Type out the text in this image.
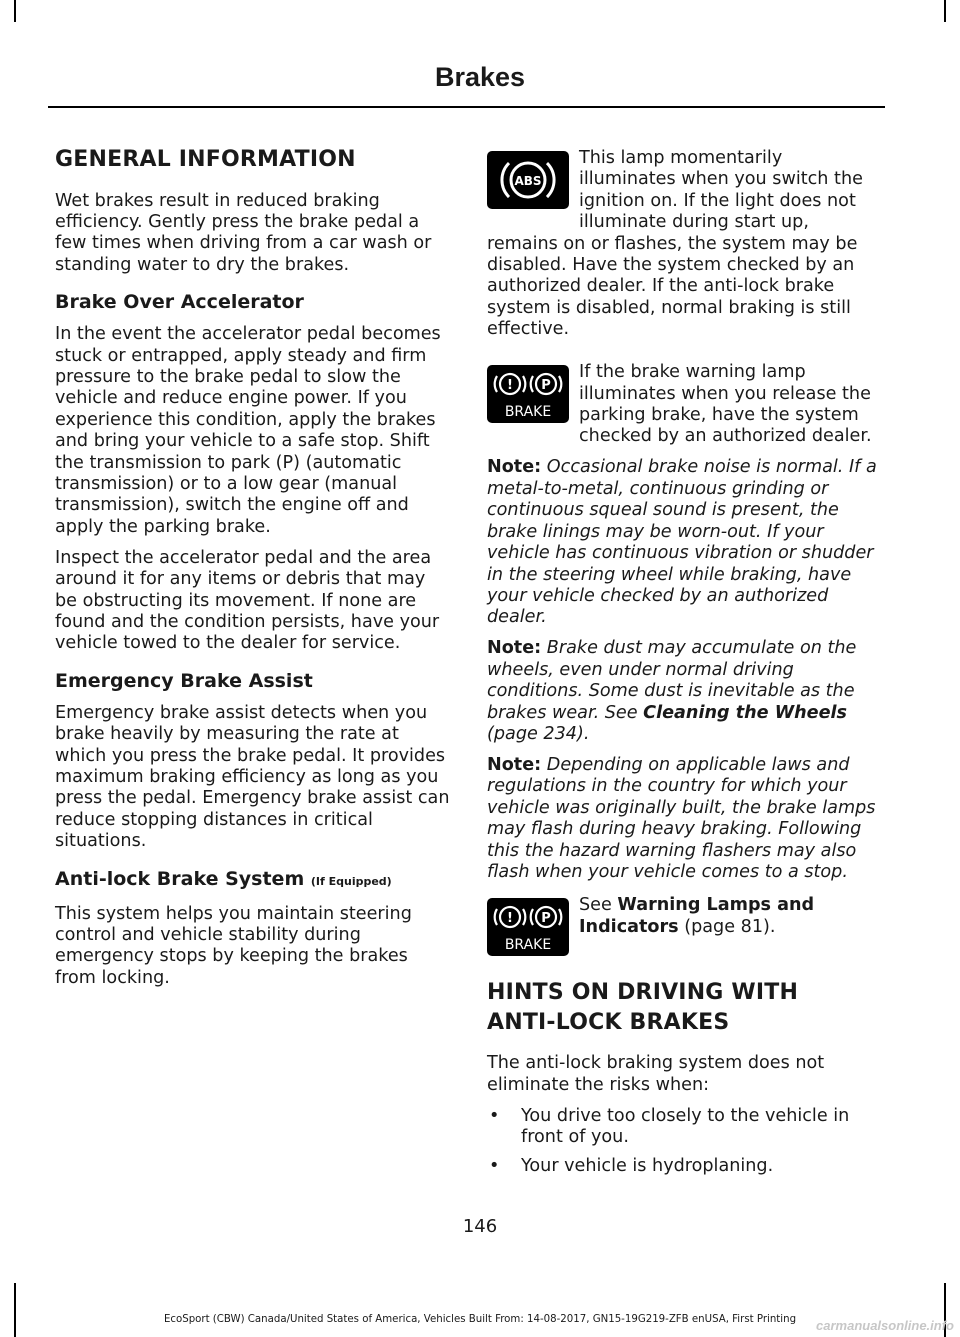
Brakes
GENERAL INFORMATION

Wet brakes result in reduced braking efficiency. Gently press the brake pedal a few times when driving from a car wash or standing water to dry the brakes.

Brake Over Accelerator

In the event the accelerator pedal becomes stuck or entrapped, apply steady and firm pressure to the brake pedal to slow the vehicle and reduce engine power. If you experience this condition, apply the brakes and bring your vehicle to a safe stop. Shift the transmission to park (P) (automatic transmission) or to a low gear (manual transmission), switch the engine off and apply the parking brake.

Inspect the accelerator pedal and the area around it for any items or debris that may be obstructing its movement. If none are found and the condition persists, have your vehicle towed to the dealer for service.

Emergency Brake Assist

Emergency brake assist detects when you brake heavily by measuring the rate at which you press the brake pedal. It provides maximum braking efficiency as long as you press the pedal. Emergency brake assist can reduce stopping distances in critical situations.

Anti-lock Brake System (If Equipped)

This system helps you maintain steering control and vehicle stability during emergency stops by keeping the brakes from locking.

ABS

This lamp momentarily illuminates when you switch the ignition on. If the light does not illuminate during start up, remains on or flashes, the system may be disabled. Have the system checked by an authorized dealer. If the anti-lock brake system is disabled, normal braking is still effective.

! P
BRAKE

If the brake warning lamp illuminates when you release the parking brake, have the system checked by an authorized dealer.

Note: Occasional brake noise is normal. If a metal-to-metal, continuous grinding or continuous squeal sound is present, the brake linings may be worn-out. If your vehicle has continuous vibration or shudder in the steering wheel while braking, have your vehicle checked by an authorized dealer.

Note: Brake dust may accumulate on the wheels, even under normal driving conditions. Some dust is inevitable as the brakes wear. See Cleaning the Wheels (page 234).

Note: Depending on applicable laws and regulations in the country for which your vehicle was originally built, the brake lamps may flash during heavy braking. Following this the hazard warning flashers may also flash when your vehicle comes to a stop.

! P
BRAKE

See Warning Lamps and Indicators (page 81).

HINTS ON DRIVING WITH
ANTI-LOCK BRAKES

The anti-lock braking system does not eliminate the risks when:

• You drive too closely to the vehicle in front of you.
• Your vehicle is hydroplaning.
146
EcoSport (CBW) Canada/United States of America, Vehicles Built From: 14-08-2017, GN15-19G219-ZFB enUSA, First Printing	carmanualsonline.info
